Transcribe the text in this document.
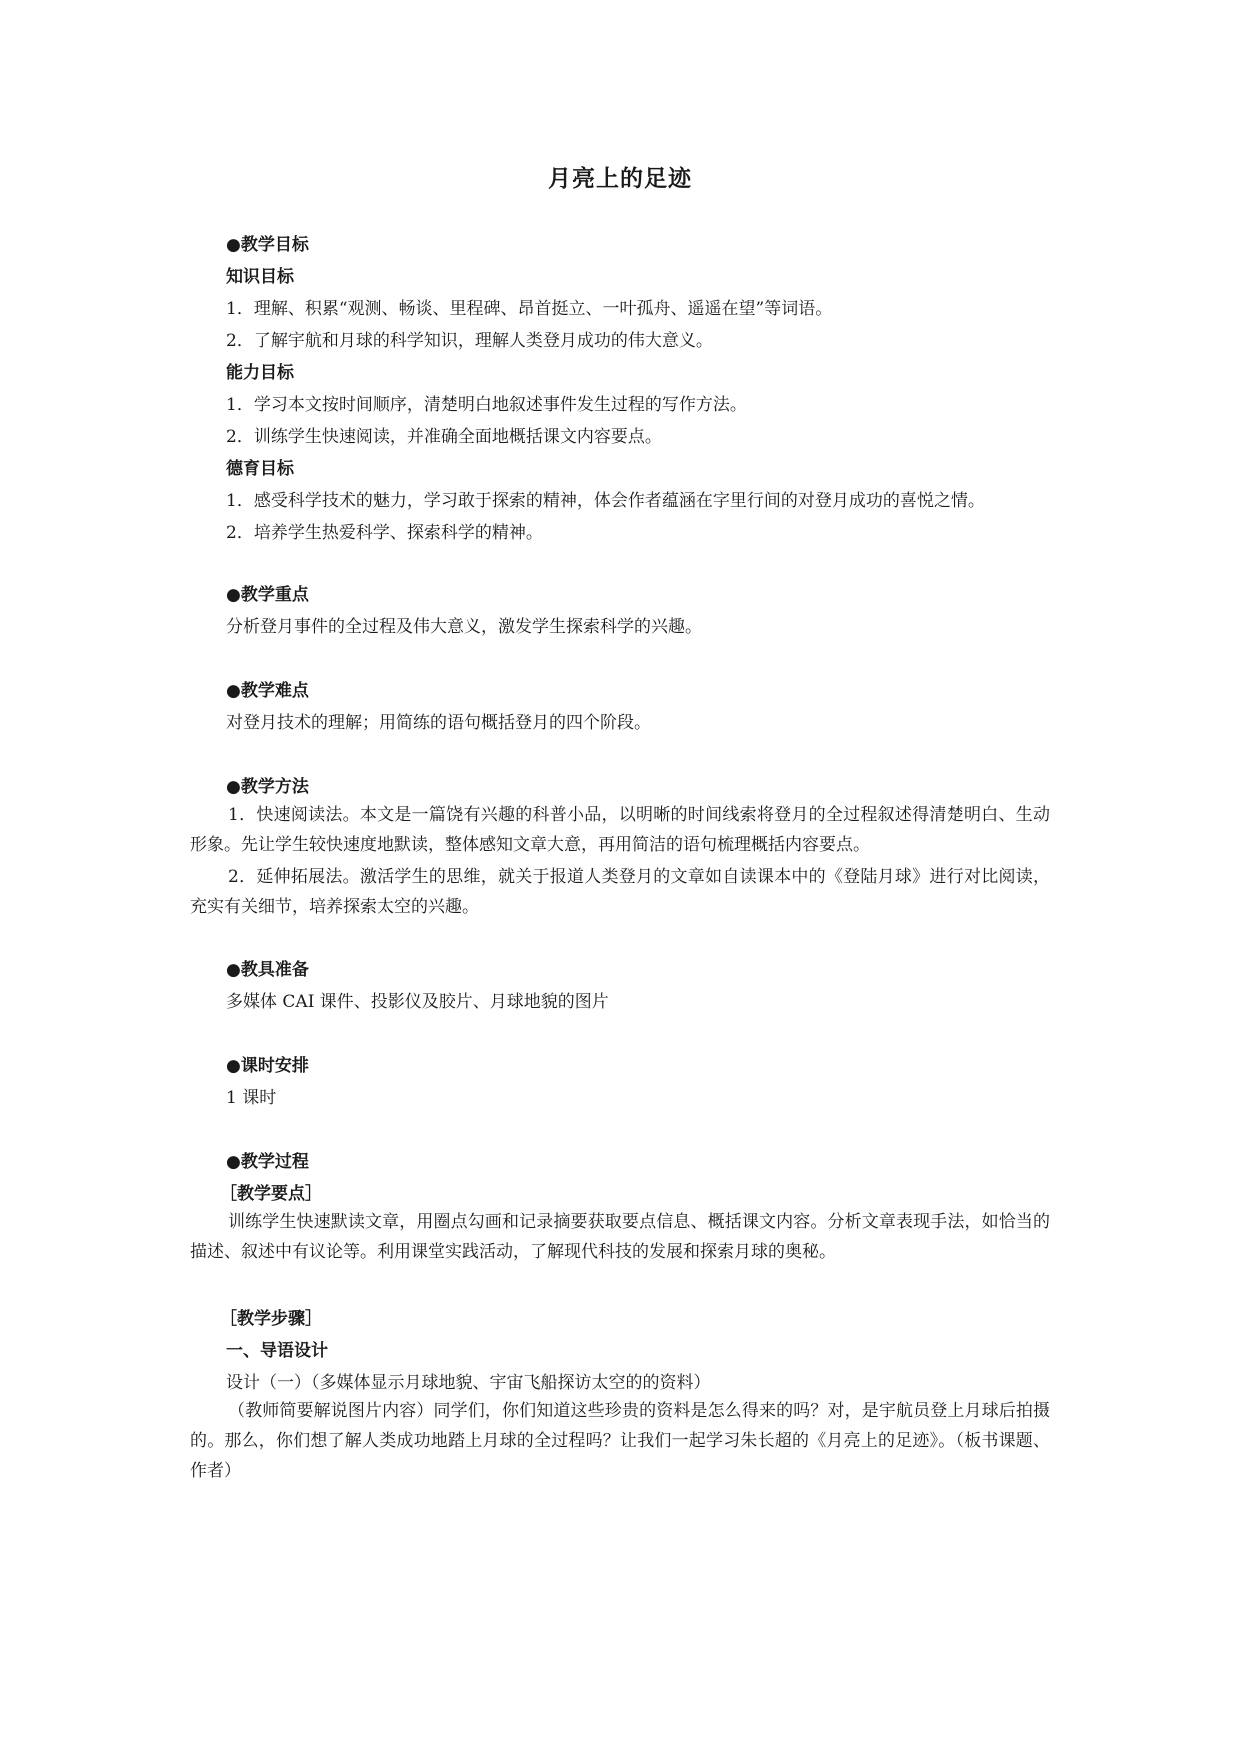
月亮上的足迹
●教学目标
知识目标
1．理解、积累“观测、畅谈、里程碑、昂首挺立、一叶孤舟、遥遥在望”等词语。
2．了解宇航和月球的科学知识，理解人类登月成功的伟大意义。
能力目标
1．学习本文按时间顺序，清楚明白地叙述事件发生过程的写作方法。
2．训练学生快速阅读，并准确全面地概括课文内容要点。
德育目标
1．感受科学技术的魅力，学习敢于探索的精神，体会作者蕴涵在字里行间的对登月成功的喜悦之情。
2．培养学生热爱科学、探索科学的精神。
●教学重点
分析登月事件的全过程及伟大意义，激发学生探索科学的兴趣。
●教学难点
对登月技术的理解；用简练的语句概括登月的四个阶段。
●教学方法
1．快速阅读法。本文是一篇饶有兴趣的科普小品，以明晰的时间线索将登月的全过程叙述得清楚明白、生动形象。先让学生较快速度地默读，整体感知文章大意，再用简洁的语句梳理概括内容要点。
2．延伸拓展法。激活学生的思维，就关于报道人类登月的文章如自读课本中的《登陆月球》进行对比阅读，充实有关细节，培养探索太空的兴趣。
●教具准备
多媒体 CAI 课件、投影仪及胶片、月球地貌的图片
●课时安排
1 课时
●教学过程
［教学要点］
训练学生快速默读文章，用圈点勾画和记录摘要获取要点信息、概括课文内容。分析文章表现手法，如恰当的描述、叙述中有议论等。利用课堂实践活动，了解现代科技的发展和探索月球的奥秘。
［教学步骤］
一、导语设计
设计（一）（多媒体显示月球地貌、宇宙飞船探访太空的的资料）
（教师简要解说图片内容）同学们，你们知道这些珍贵的资料是怎么得来的吗？对，是宇航员登上月球后拍摄的。那么，你们想了解人类成功地踏上月球的全过程吗？让我们一起学习朱长超的《月亮上的足迹》。（板书课题、作者）
